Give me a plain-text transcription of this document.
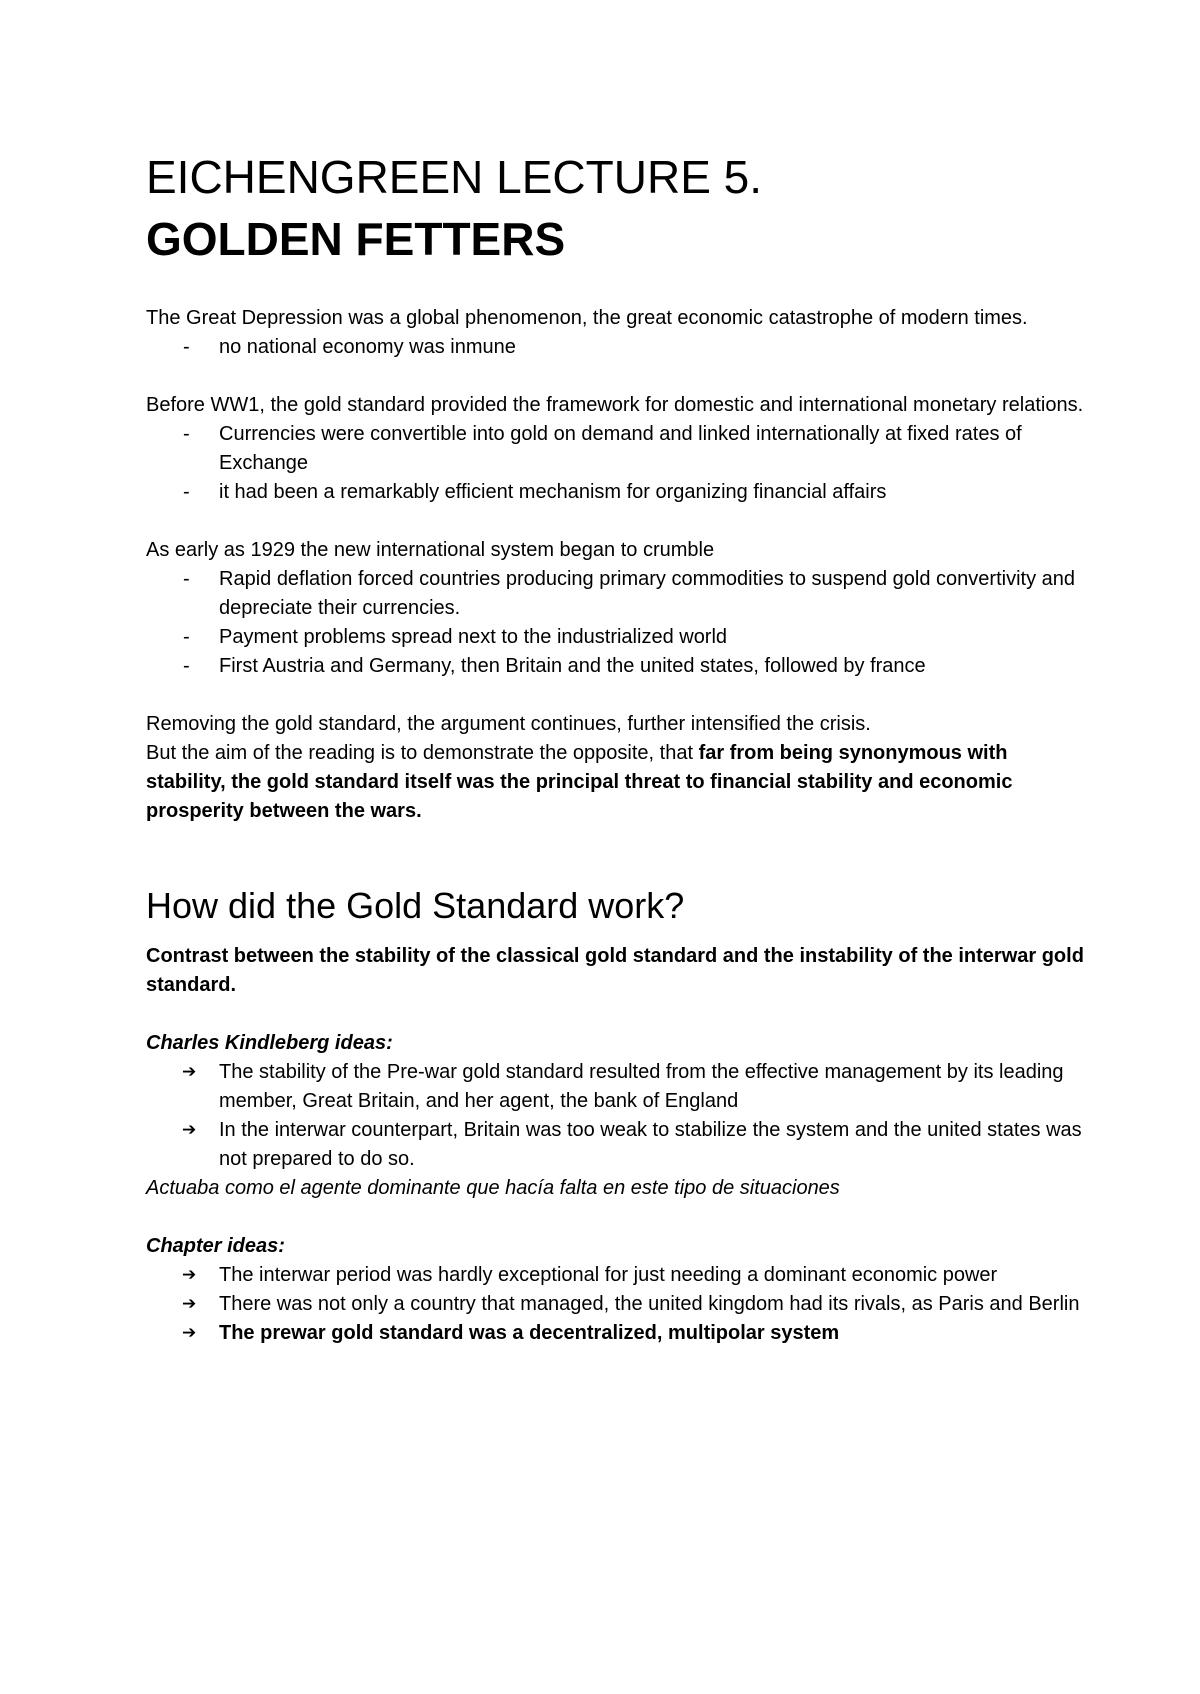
EICHENGREEN LECTURE 5.
GOLDEN FETTERS

The Great Depression was a global phenomenon, the great economic catastrophe of modern times.

- no national economy was inmune

Before WW1, the gold standard provided the framework for domestic and international monetary relations.

- Currencies were convertible into gold on demand and linked internationally at fixed rates of Exchange
- it had been a remarkably efficient mechanism for organizing financial affairs

As early as 1929 the new international system began to crumble

- Rapid deflation forced countries producing primary commodities to suspend gold convertivity and depreciate their currencies.
- Payment problems spread next to the industrialized world
- First Austria and Germany, then Britain and the united states, followed by france

Removing the gold standard, the argument continues, further intensified the crisis.

But the aim of the reading is to demonstrate the opposite, that far from being synonymous with stability, the gold standard itself was the principal threat to financial stability and economic prosperity between the wars.

How did the Gold Standard work?

Contrast between the stability of the classical gold standard and the instability of the interwar gold standard.

Charles Kindleberg ideas:

➔ The stability of the Pre-war gold standard resulted from the effective management by its leading member, Great Britain, and her agent, the bank of England
➔ In the interwar counterpart, Britain was too weak to stabilize the system and the united states was not prepared to do so.

Actuaba como el agente dominante que hacía falta en este tipo de situaciones

Chapter ideas:

➔ The interwar period was hardly exceptional for just needing a dominant economic power
➔ There was not only a country that managed, the united kingdom had its rivals, as Paris and Berlin
➔ The prewar gold standard was a decentralized, multipolar system
